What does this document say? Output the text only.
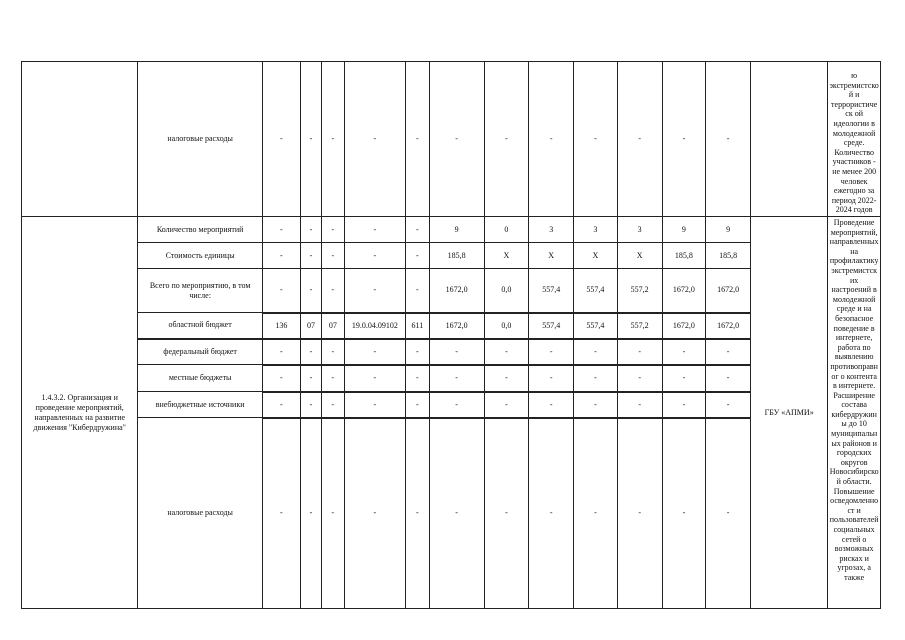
	налоговые расходы	-	-	-	-	-	-	-	-	-	-	-	-		ю экстремистской и террористическ ой идеологии в молодежной среде. Количество участников - не менее 200 человек ежегодно за период 2022-2024 годов
1.4.3.2. Организация и проведение мероприятий, направленных на развитие движения "Кибердружина"	Количество мероприятий	-	-	-	-	-	9	0	3	3	3	9	9	ГБУ «АПМИ»	Проведение мероприятий, направленных на профилактику экстремистских настроений в молодежной среде и на безопасное поведение в интернете, работа по выявлению противоправног о контента в интернете. Расширение состава кибердружины до 10 муниципальных районов и городских округов Новосибирской области. Повышение осведомленност и пользователей социальных сетей о возможных рисках и угрозах, а также
	Стоимость единицы	-	-	-	-	-	185,8	X	X	X	X	185,8	185,8		
	Всего по мероприятию, в том числе:	-	-	-	-	-	1672,0	0,0	557,4	557,4	557,2	1672,0	1672,0		
	областной бюджет	136	07	07	19.0.04.09102	611	1672,0	0,0	557,4	557,4	557,2	1672,0	1672,0		
	федеральный бюджет	-	-	-	-	-	-	-	-	-	-	-	-		
	местные бюджеты	-	-	-	-	-	-	-	-	-	-	-	-		
	внебюджетные источники	-	-	-	-	-	-	-	-	-	-	-	-		
	налоговые расходы	-	-	-	-	-	-	-	-	-	-	-	-		
